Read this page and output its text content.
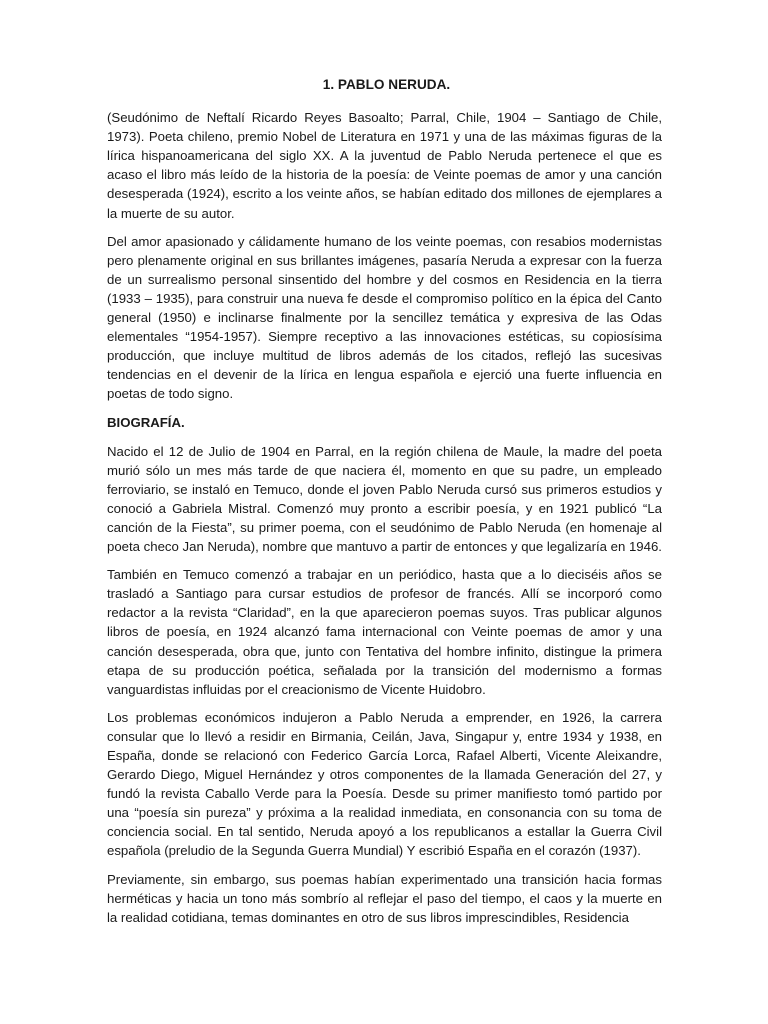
1. PABLO NERUDA.

(Seudónimo de Neftalí Ricardo Reyes Basoalto; Parral, Chile, 1904 – Santiago de Chile, 1973). Poeta chileno, premio Nobel de Literatura en 1971 y una de las máximas figuras de la lírica hispanoamericana del siglo XX. A la juventud de Pablo Neruda pertenece el que es acaso el libro más leído de la historia de la poesía: de Veinte poemas de amor y una canción desesperada (1924), escrito a los veinte años, se habían editado dos millones de ejemplares a la muerte de su autor.

Del amor apasionado y cálidamente humano de los veinte poemas, con resabios modernistas pero plenamente original en sus brillantes imágenes, pasaría Neruda a expresar con la fuerza de un surrealismo personal sinsentido del hombre y del cosmos en Residencia en la tierra (1933 – 1935), para construir una nueva fe desde el compromiso político en la épica del Canto general (1950) e inclinarse finalmente por la sencillez temática y expresiva de las Odas elementales “1954-1957). Siempre receptivo a las innovaciones estéticas, su copiosísima producción, que incluye multitud de libros además de los citados, reflejó las sucesivas tendencias en el devenir de la lírica en lengua española e ejerció una fuerte influencia en poetas de todo signo.

BIOGRAFÍA.

Nacido el 12 de Julio de 1904 en Parral, en la región chilena de Maule, la madre del poeta murió sólo un mes más tarde de que naciera él, momento en que su padre, un empleado ferroviario, se instaló en Temuco, donde el joven Pablo Neruda cursó sus primeros estudios y conoció a Gabriela Mistral. Comenzó muy pronto a escribir poesía, y en 1921 publicó “La canción de la Fiesta”, su primer poema, con el seudónimo de Pablo Neruda (en homenaje al poeta checo Jan Neruda), nombre que mantuvo a partir de entonces y que legalizaría en 1946.

También en Temuco comenzó a trabajar en un periódico, hasta que a lo dieciséis años se trasladó a Santiago para cursar estudios de profesor de francés. Allí se incorporó como redactor a la revista “Claridad”, en la que aparecieron poemas suyos. Tras publicar algunos libros de poesía, en 1924 alcanzó fama internacional con Veinte poemas de amor y una canción desesperada, obra que, junto con Tentativa del hombre infinito, distingue la primera etapa de su producción poética, señalada por la transición del modernismo a formas vanguardistas influidas por el creacionismo de Vicente Huidobro.

Los problemas económicos indujeron a Pablo Neruda a emprender, en 1926, la carrera consular que lo llevó a residir en Birmania, Ceilán, Java, Singapur y, entre 1934 y 1938, en España, donde se relacionó con Federico García Lorca, Rafael Alberti, Vicente Aleixandre, Gerardo Diego, Miguel Hernández y otros componentes de la llamada Generación del 27, y fundó la revista Caballo Verde para la Poesía. Desde su primer manifiesto tomó partido por una “poesía sin pureza” y próxima a la realidad inmediata, en consonancia con su toma de conciencia social. En tal sentido, Neruda apoyó a los republicanos a estallar la Guerra Civil española (preludio de la Segunda Guerra Mundial) Y escribió España en el corazón (1937).

Previamente, sin embargo, sus poemas habían experimentado una transición hacia formas herméticas y hacia un tono más sombrío al reflejar el paso del tiempo, el caos y la muerte en la realidad cotidiana, temas dominantes en otro de sus libros imprescindibles, Residencia
